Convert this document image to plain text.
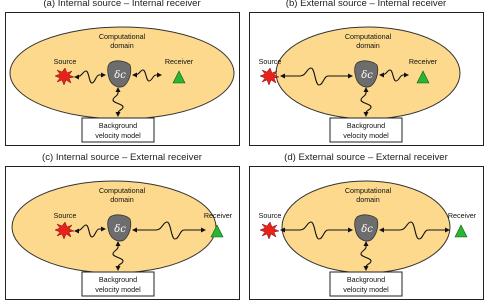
(a) Internal source – Internal receiver
Computational
domain
Source	Receiver
δc
Background
velocity model
(b) External source – Internal receiver
Computational
domain
Source	Receiver
δc
Background
velocity model
(c) Internal source – External receiver
Computational
domain
Source	Receiver
δc
Background
velocity model
(d) External source – External receiver
Computational
domain
Source	Receiver
δc
Background
velocity model
